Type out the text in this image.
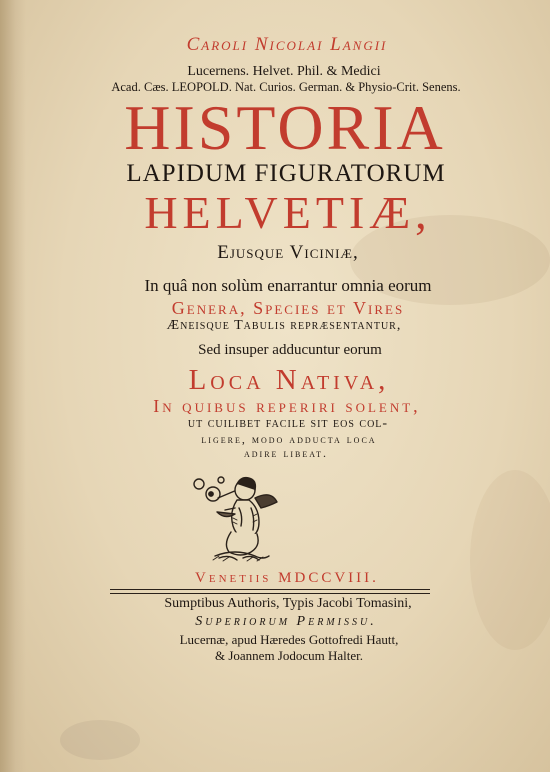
Caroli Nicolai Langii
Lucernens. Helvet. Phil. & Medici
Acad. Cæs. LEOPOLD. Nat. Curios. German. & Physio-Crit. Senens.
HISTORIA
LAPIDUM FIGURATORUM
HELVETIÆ,
Ejusque Viciniæ,
In quâ non solùm enarrantur omnia eorum
Genera, Species et Vires
Æneisque Tabulis repræsentantur,
Sed insuper adducuntur eorum
Loca Nativa,
In quibus reperiri solent,
ut cuilibet facile sit eos col-
ligere, modo adducta loca
adire libeat.
Venetiis MDCCVIII.
Sumptibus Authoris, Typis Jacobi Tomasini,
Superiorum Permissu.
Lucernæ, apud Hæredes Gottofredi Hautt,
& Joannem Jodocum Halter.
